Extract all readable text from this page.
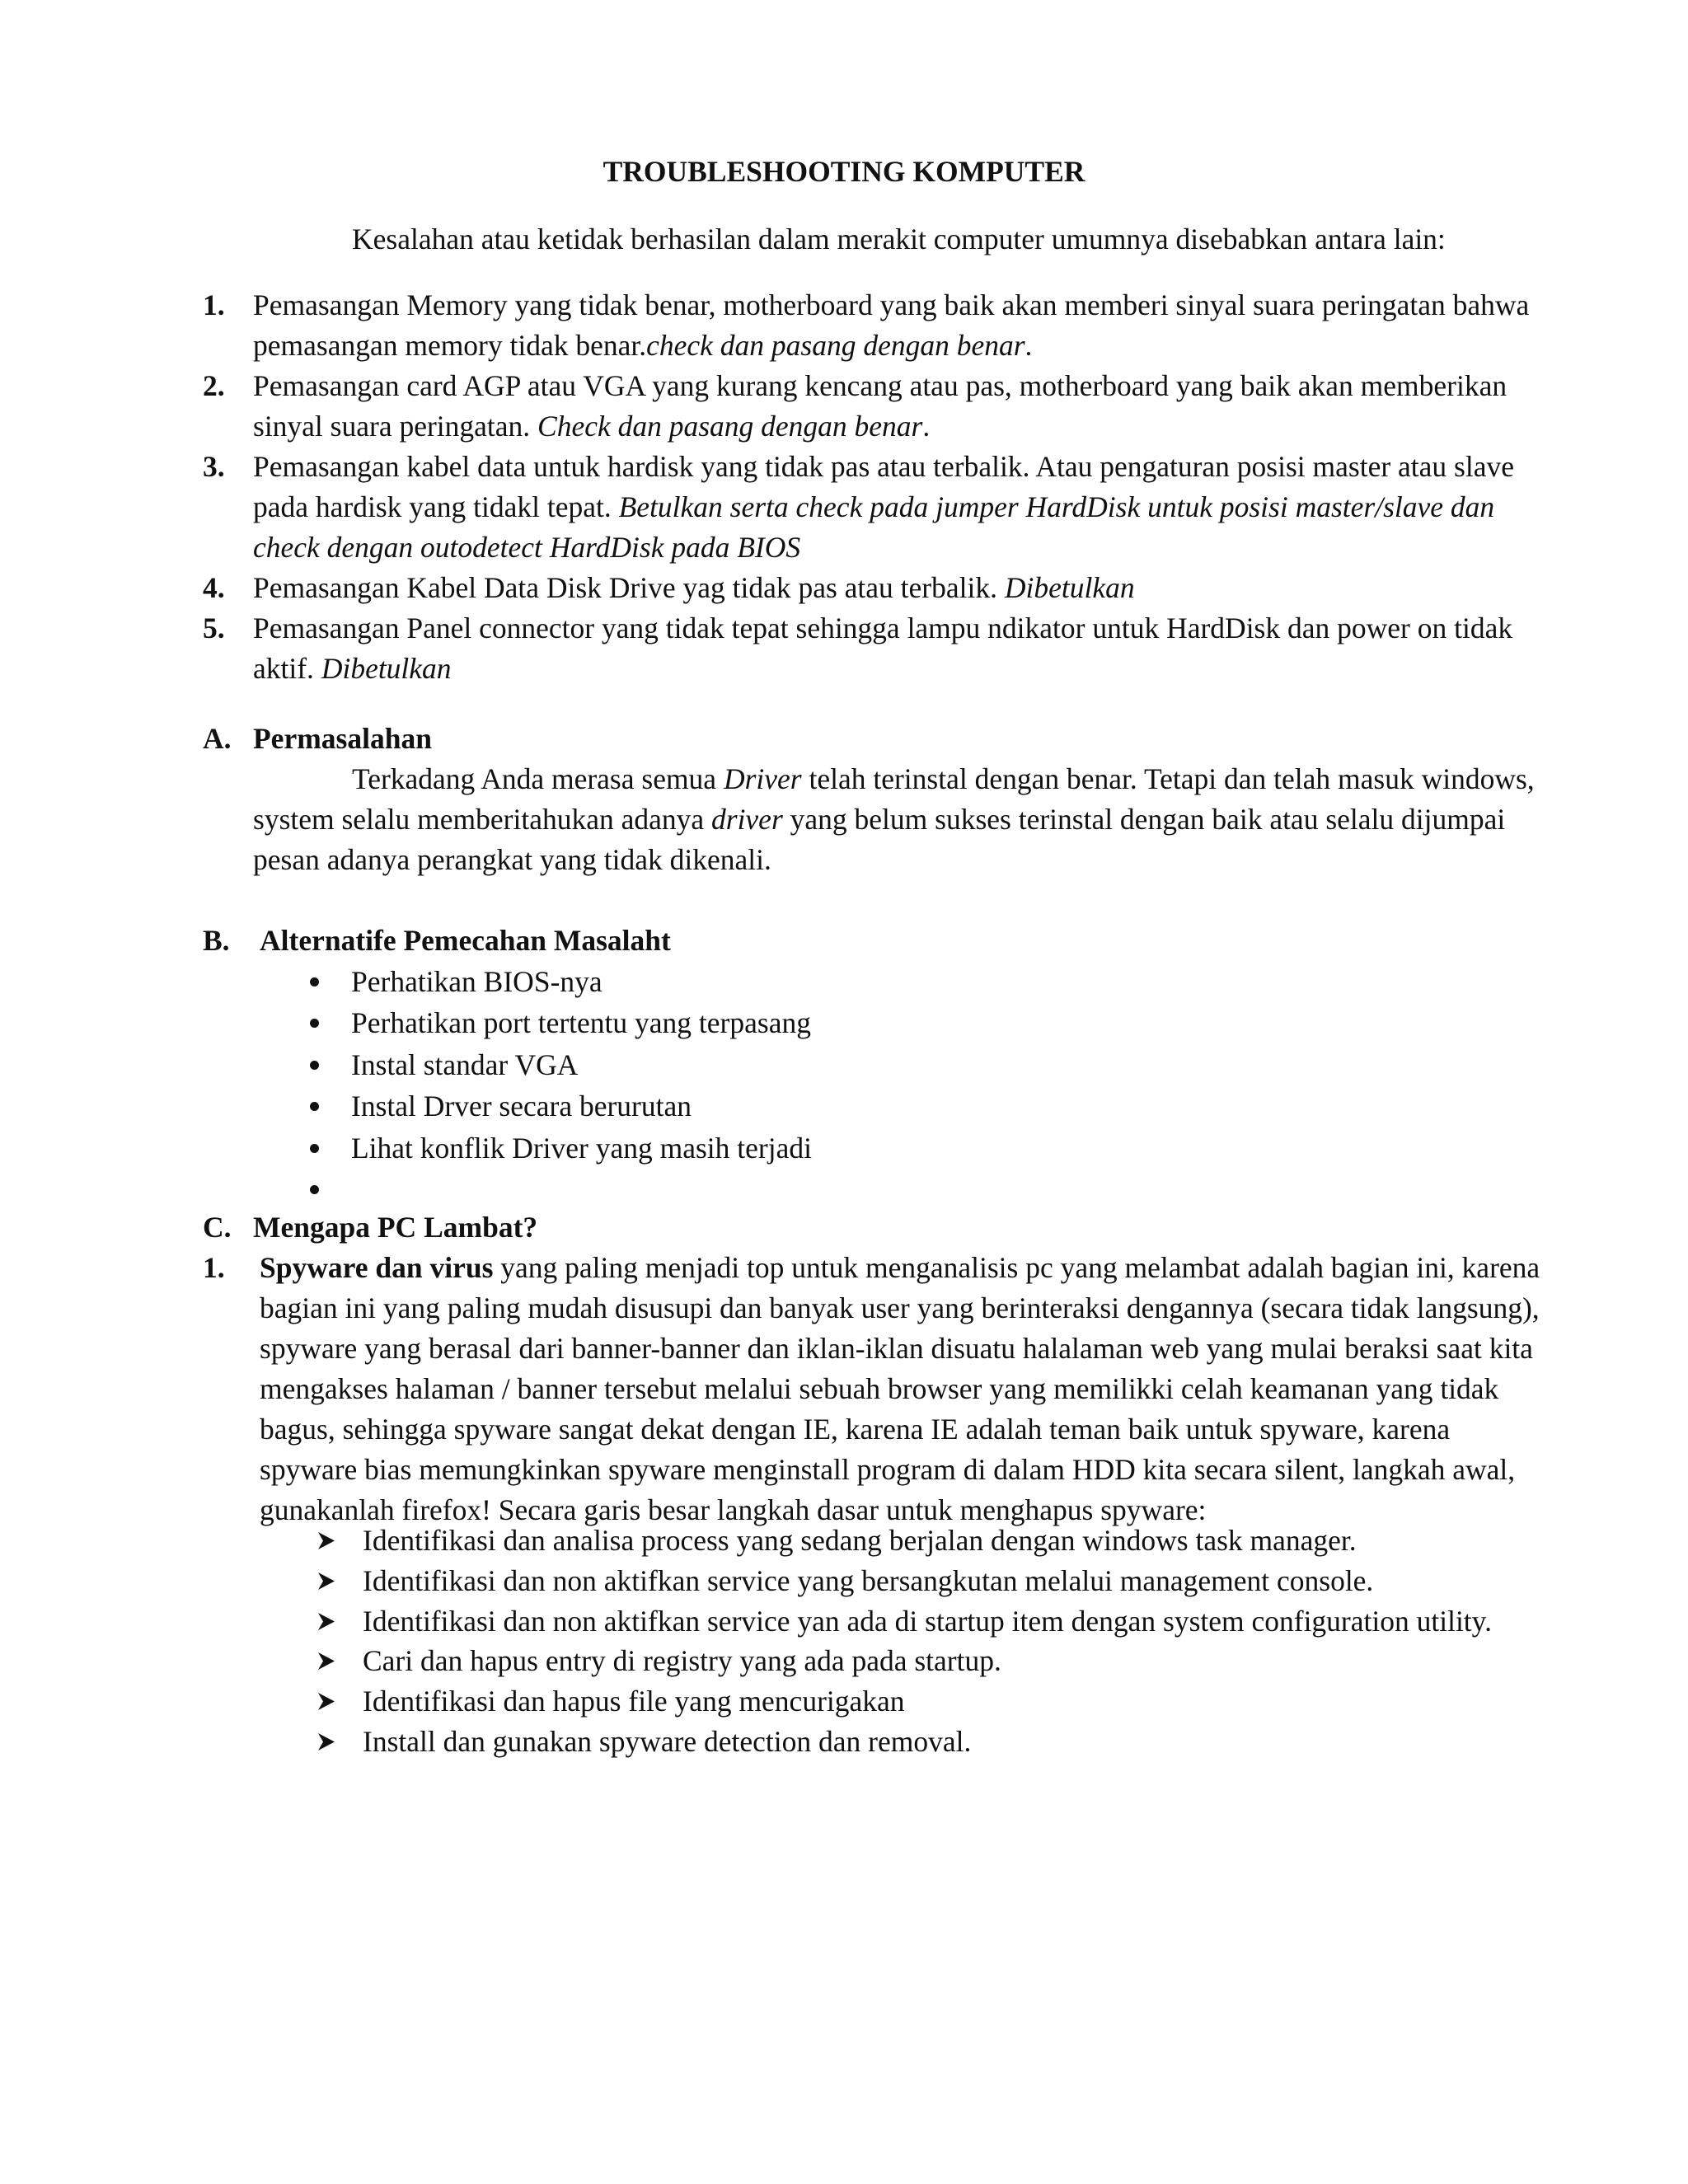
TROUBLESHOOTING KOMPUTER
Kesalahan atau ketidak berhasilan dalam merakit computer umumnya disebabkan antara lain:
1. Pemasangan Memory yang tidak benar, motherboard yang baik akan memberi sinyal suara peringatan bahwa pemasangan memory tidak benar.check dan pasang dengan benar.
2. Pemasangan card AGP atau VGA yang kurang kencang atau pas, motherboard yang baik akan memberikan sinyal suara peringatan. Check dan pasang dengan benar.
3. Pemasangan kabel data untuk hardisk yang tidak pas atau terbalik. Atau pengaturan posisi master atau slave pada hardisk yang tidakl tepat. Betulkan serta check pada jumper HardDisk untuk posisi master/slave dan check dengan outodetect HardDisk pada BIOS
4. Pemasangan Kabel Data Disk Drive yag tidak pas atau terbalik. Dibetulkan
5. Pemasangan Panel connector yang tidak tepat sehingga lampu ndikator untuk HardDisk dan power on tidak aktif. Dibetulkan
A. Permasalahan
Terkadang Anda merasa semua Driver telah terinstal dengan benar. Tetapi dan telah masuk windows, system selalu memberitahukan adanya driver yang belum sukses terinstal dengan baik atau selalu dijumpai pesan adanya perangkat yang tidak dikenali.
B. Alternatife Pemecahan Masalaht
Perhatikan BIOS-nya
Perhatikan port tertentu yang terpasang
Instal standar VGA
Instal Drver secara berurutan
Lihat konflik Driver yang masih terjadi
C. Mengapa PC Lambat?
1. Spyware dan virus yang paling menjadi top untuk menganalisis pc yang melambat adalah bagian ini, karena bagian ini yang paling mudah disusupi dan banyak user yang berinteraksi dengannya (secara tidak langsung), spyware yang berasal dari banner-banner dan iklan-iklan disuatu halalaman web yang mulai beraksi saat kita mengakses halaman / banner tersebut melalui sebuah browser yang memilikki celah keamanan yang tidak bagus, sehingga spyware sangat dekat dengan IE, karena IE adalah teman baik untuk spyware, karena spyware bias memungkinkan spyware menginstall program di dalam HDD kita secara silent, langkah awal, gunakanlah firefox! Secara garis besar langkah dasar untuk menghapus spyware:
Identifikasi dan analisa process yang sedang berjalan dengan windows task manager.
Identifikasi dan non aktifkan service yang bersangkutan melalui management console.
Identifikasi dan non aktifkan service yan ada di startup item dengan system configuration utility.
Cari dan hapus entry di registry yang ada pada startup.
Identifikasi dan hapus file yang mencurigakan
Install dan gunakan spyware detection dan removal.
